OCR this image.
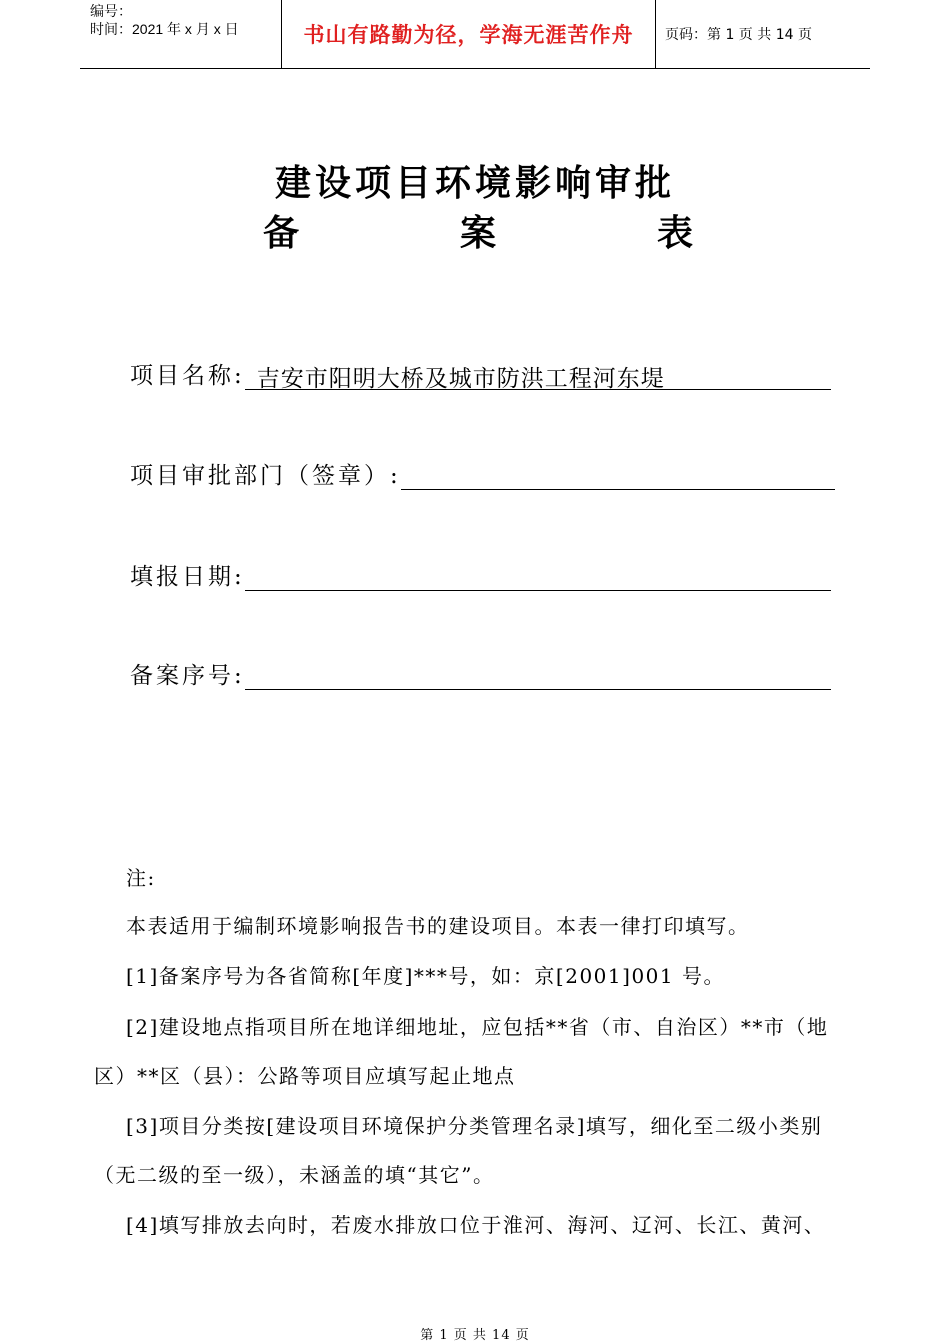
编号：
时间：2021 年 x 月 x 日	书山有路勤为径，学海无涯苦作舟	页码：第 1 页 共 14 页
建设项目环境影响审批
备	案	表
项目名称: 吉安市阳明大桥及城市防洪工程河东堤
项目审批部门（签章）:
填报日期:
备案序号:
注:
本表适用于编制环境影响报告书的建设项目。本表一律打印填写。
[1]备案序号为各省简称[年度]***号，如：京[2001]001 号。
[2]建设地点指项目所在地详细地址，应包括**省（市、自治区）**市（地
区）**区（县）：公路等项目应填写起止地点
[3]项目分类按[建设项目环境保护分类管理名录]填写，细化至二级小类别
（无二级的至一级），未涵盖的填“其它”。
[4]填写排放去向时，若废水排放口位于淮河、海河、辽河、长江、黄河、
第 1 页 共 14 页
